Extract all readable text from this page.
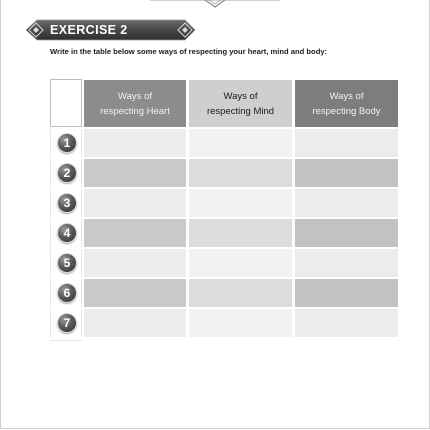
EXERCISE 2
Write in the table below some ways of respecting your heart, mind and body:
Ways of
respecting Heart
Ways of
respecting Mind
Ways of
respecting Body
1
2
3
4
5
6
7
